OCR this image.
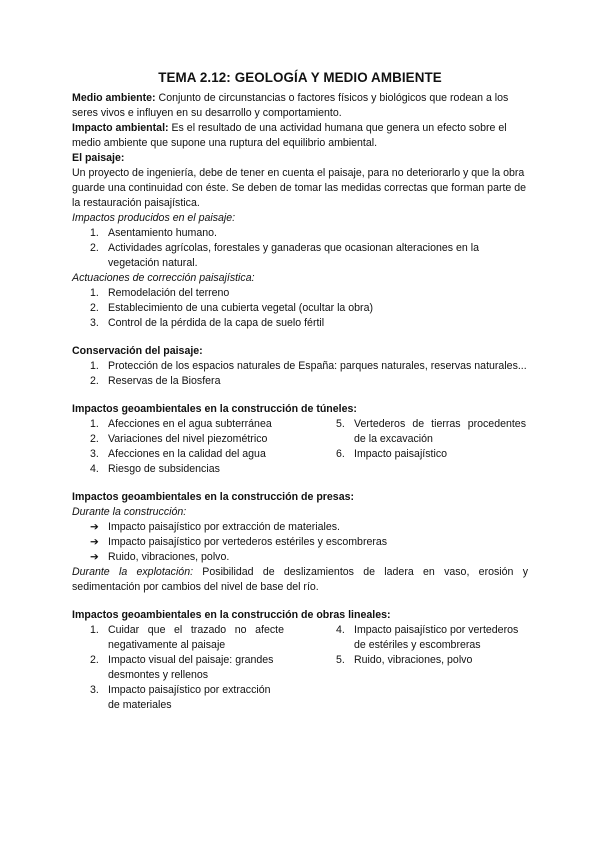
TEMA 2.12: GEOLOGÍA Y MEDIO AMBIENTE

Medio ambiente: Conjunto de circunstancias o factores físicos y biológicos que rodean a los seres vivos e influyen en su desarrollo y comportamiento.

Impacto ambiental: Es el resultado de una actividad humana que genera un efecto sobre el medio ambiente que supone una ruptura del equilibrio ambiental.

El paisaje:

Un proyecto de ingeniería, debe de tener en cuenta el paisaje, para no deteriorarlo y que la obra guarde una continuidad con éste. Se deben de tomar las medidas correctas que forman parte de la restauración paisajística.

Impactos producidos en el paisaje:

1. Asentamiento humano.
2. Actividades agrícolas, forestales y ganaderas que ocasionan alteraciones en la vegetación natural.

Actuaciones de corrección paisajística:

1. Remodelación del terreno
2. Establecimiento de una cubierta vegetal (ocultar la obra)
3. Control de la pérdida de la capa de suelo fértil

Conservación del paisaje:

1. Protección de los espacios naturales de España: parques naturales, reservas naturales...
2. Reservas de la Biosfera

Impactos geoambientales en la construcción de túneles:

1. Afecciones en el agua subterránea
2. Variaciones del nivel piezométrico
3. Afecciones en la calidad del agua
4. Riesgo de subsidencias
5. Vertederos de tierras procedentes de la excavación
6. Impacto paisajístico

Impactos geoambientales en la construcción de presas:

Durante la construcción:

➔ Impacto paisajístico por extracción de materiales.
➔ Impacto paisajístico por vertederos estériles y escombreras
➔ Ruido, vibraciones, polvo.

Durante la explotación: Posibilidad de deslizamientos de ladera en vaso, erosión y sedimentación por cambios del nivel de base del río.

Impactos geoambientales en la construcción de obras lineales:

1. Cuidar que el trazado no afecte negativamente al paisaje
2. Impacto visual del paisaje: grandes desmontes y rellenos
3. Impacto paisajístico por extracción de materiales
4. Impacto paisajístico por vertederos de estériles y escombreras
5. Ruido, vibraciones, polvo
